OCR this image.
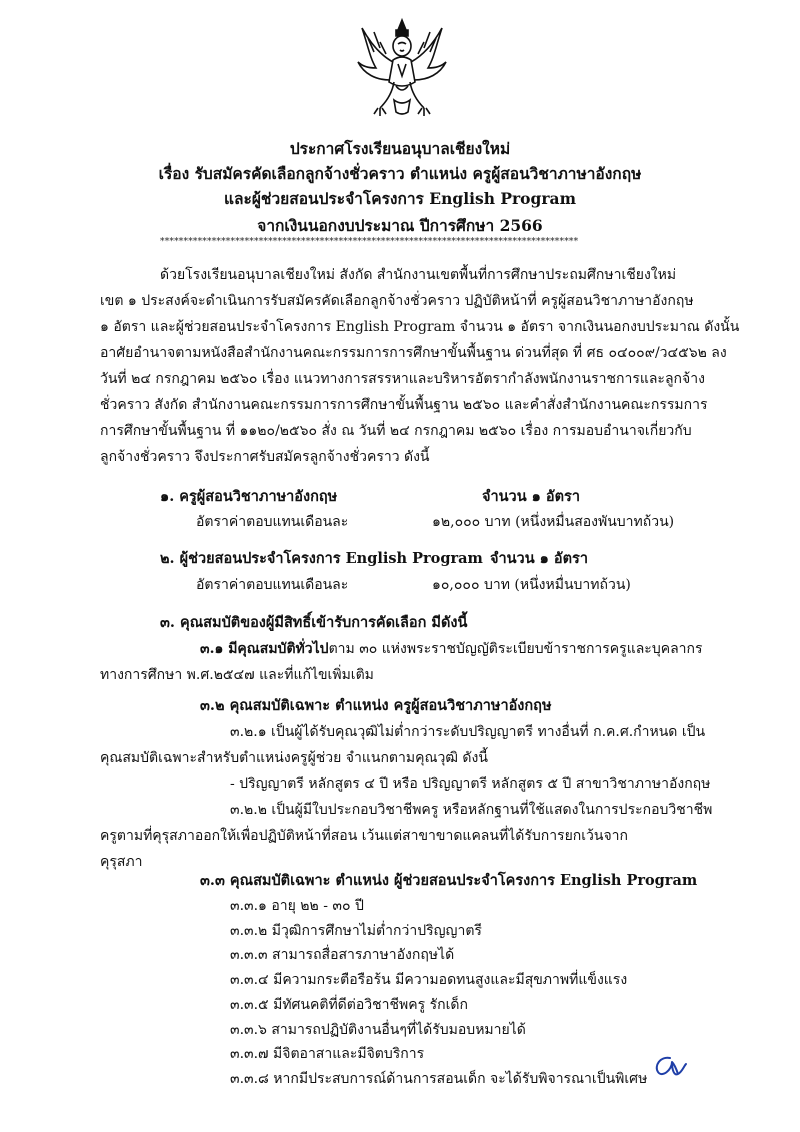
ประกาศโรงเรียนอนุบาลเชียงใหม่
เรื่อง รับสมัครคัดเลือกลูกจ้างชั่วคราว ตำแหน่ง ครูผู้สอนวิชาภาษาอังกฤษ
และผู้ช่วยสอนประจำโครงการ English Program
จากเงินนอกงบประมาณ ปีการศึกษา 2566
*****************************************************************************************
ด้วยโรงเรียนอนุบาลเชียงใหม่ สังกัด สำนักงานเขตพื้นที่การศึกษาประถมศึกษาเชียงใหม่
เขต ๑ ประสงค์จะดำเนินการรับสมัครคัดเลือกลูกจ้างชั่วคราว ปฏิบัติหน้าที่ ครูผู้สอนวิชาภาษาอังกฤษ
๑ อัตรา และผู้ช่วยสอนประจำโครงการ English Program จำนวน ๑ อัตรา จากเงินนอกงบประมาณ ดังนั้น
อาศัยอำนาจตามหนังสือสำนักงานคณะกรรมการการศึกษาขั้นพื้นฐาน ด่วนที่สุด ที่ ศธ ๐๔๐๐๙/ว๔๕๖๒ ลง
วันที่ ๒๔ กรกฎาคม ๒๕๖๐ เรื่อง แนวทางการสรรหาและบริหารอัตรากำลังพนักงานราชการและลูกจ้าง
ชั่วคราว สังกัด สำนักงานคณะกรรมการการศึกษาขั้นพื้นฐาน ๒๕๖๐ และคำสั่งสำนักงานคณะกรรมการ
การศึกษาขั้นพื้นฐาน ที่ ๑๑๒๐/๒๕๖๐ สั่ง ณ วันที่ ๒๔ กรกฎาคม ๒๕๖๐ เรื่อง การมอบอำนาจเกี่ยวกับ
ลูกจ้างชั่วคราว จึงประกาศรับสมัครลูกจ้างชั่วคราว ดังนี้
๑. ครูผู้สอนวิชาภาษาอังกฤษ	จำนวน ๑ อัตรา
อัตราค่าตอบแทนเดือนละ	๑๒,๐๐๐ บาท (หนึ่งหมื่นสองพันบาทถ้วน)
๒. ผู้ช่วยสอนประจำโครงการ English Program จำนวน ๑ อัตรา
อัตราค่าตอบแทนเดือนละ	๑๐,๐๐๐ บาท (หนึ่งหมื่นบาทถ้วน)
๓. คุณสมบัติของผู้มีสิทธิ์เข้ารับการคัดเลือก มีดังนี้
๓.๑ มีคุณสมบัติทั่วไปตาม ๓๐ แห่งพระราชบัญญัติระเบียบข้าราชการครูและบุคลากร
ทางการศึกษา พ.ศ.๒๕๔๗ และที่แก้ไขเพิ่มเติม
๓.๒ คุณสมบัติเฉพาะ ตำแหน่ง ครูผู้สอนวิชาภาษาอังกฤษ
๓.๒.๑ เป็นผู้ได้รับคุณวุฒิไม่ต่ำกว่าระดับปริญญาตรี ทางอื่นที่ ก.ค.ศ.กำหนด เป็น
คุณสมบัติเฉพาะสำหรับตำแหน่งครูผู้ช่วย จำแนกตามคุณวุฒิ ดังนี้
- ปริญญาตรี หลักสูตร ๔ ปี หรือ ปริญญาตรี หลักสูตร ๕ ปี สาขาวิชาภาษาอังกฤษ
๓.๒.๒ เป็นผู้มีใบประกอบวิชาชีพครู หรือหลักฐานที่ใช้แสดงในการประกอบวิชาชีพ
ครูตามที่คุรุสภาออกให้เพื่อปฏิบัติหน้าที่สอน เว้นแต่สาขาขาดแคลนที่ได้รับการยกเว้นจาก
คุรุสภา
๓.๓ คุณสมบัติเฉพาะ ตำแหน่ง ผู้ช่วยสอนประจำโครงการ English Program
๓.๓.๑ อายุ ๒๒ - ๓๐ ปี
๓.๓.๒ มีวุฒิการศึกษาไม่ต่ำกว่าปริญญาตรี
๓.๓.๓ สามารถสื่อสารภาษาอังกฤษได้
๓.๓.๔ มีความกระตือรือร้น มีความอดทนสูงและมีสุขภาพที่แข็งแรง
๓.๓.๕ มีทัศนคติที่ดีต่อวิชาชีพครู รักเด็ก
๓.๓.๖ สามารถปฏิบัติงานอื่นๆที่ได้รับมอบหมายได้
๓.๓.๗ มีจิตอาสาและมีจิตบริการ
๓.๓.๘ หากมีประสบการณ์ด้านการสอนเด็ก จะได้รับพิจารณาเป็นพิเศษ
